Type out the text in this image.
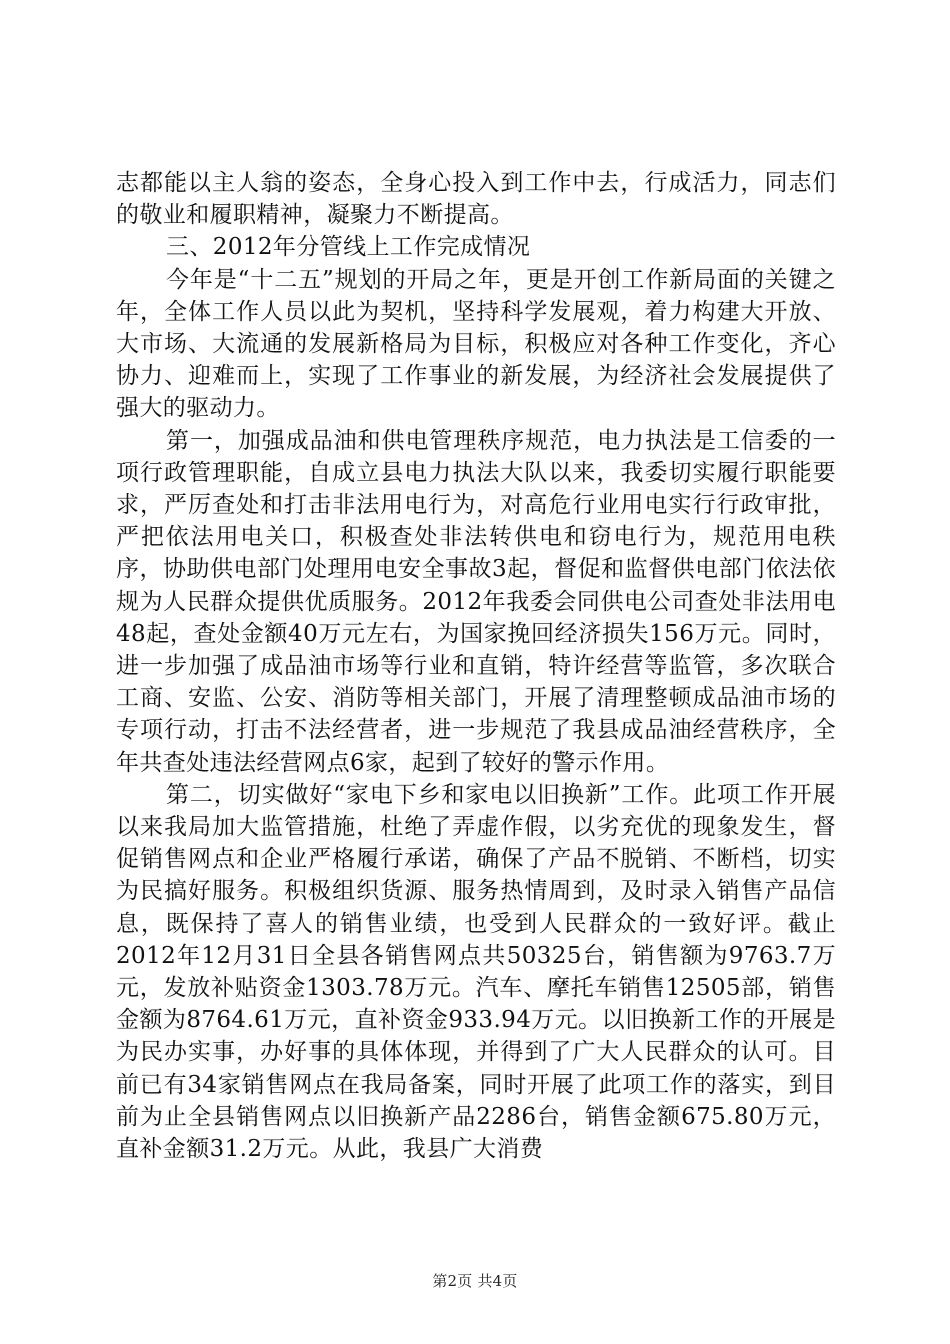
志都能以主人翁的姿态，全身心投入到工作中去，行成活力，同志们的敬业和履职精神，凝聚力不断提高。

三、2012年分管线上工作完成情况

今年是“十二五”规划的开局之年，更是开创工作新局面的关键之年，全体工作人员以此为契机，坚持科学发展观，着力构建大开放、大市场、大流通的发展新格局为目标，积极应对各种工作变化，齐心协力、迎难而上，实现了工作事业的新发展，为经济社会发展提供了强大的驱动力。

第一，加强成品油和供电管理秩序规范，电力执法是工信委的一项行政管理职能，自成立县电力执法大队以来，我委切实履行职能要求，严厉查处和打击非法用电行为，对高危行业用电实行行政审批，严把依法用电关口，积极查处非法转供电和窃电行为，规范用电秩序，协助供电部门处理用电安全事故3起，督促和监督供电部门依法依规为人民群众提供优质服务。2012年我委会同供电公司查处非法用电48起，查处金额40万元左右，为国家挽回经济损失156万元。同时，进一步加强了成品油市场等行业和直销，特许经营等监管，多次联合工商、安监、公安、消防等相关部门，开展了清理整顿成品油市场的专项行动，打击不法经营者，进一步规范了我县成品油经营秩序，全年共查处违法经营网点6家，起到了较好的警示作用。

第二，切实做好“家电下乡和家电以旧换新”工作。此项工作开展以来我局加大监管措施，杜绝了弄虚作假，以劣充优的现象发生，督促销售网点和企业严格履行承诺，确保了产品不脱销、不断档，切实为民搞好服务。积极组织货源、服务热情周到，及时录入销售产品信息，既保持了喜人的销售业绩，也受到人民群众的一致好评。截止2012年12月31日全县各销售网点共50325台，销售额为9763.7万元，发放补贴资金1303.78万元。汽车、摩托车销售12505部，销售金额为8764.61万元，直补资金933.94万元。以旧换新工作的开展是为民办实事，办好事的具体体现，并得到了广大人民群众的认可。目前已有34家销售网点在我局备案，同时开展了此项工作的落实，到目前为止全县销售网点以旧换新产品2286台，销售金额675.80万元，直补金额31.2万元。从此，我县广大消费

第2页 共4页
